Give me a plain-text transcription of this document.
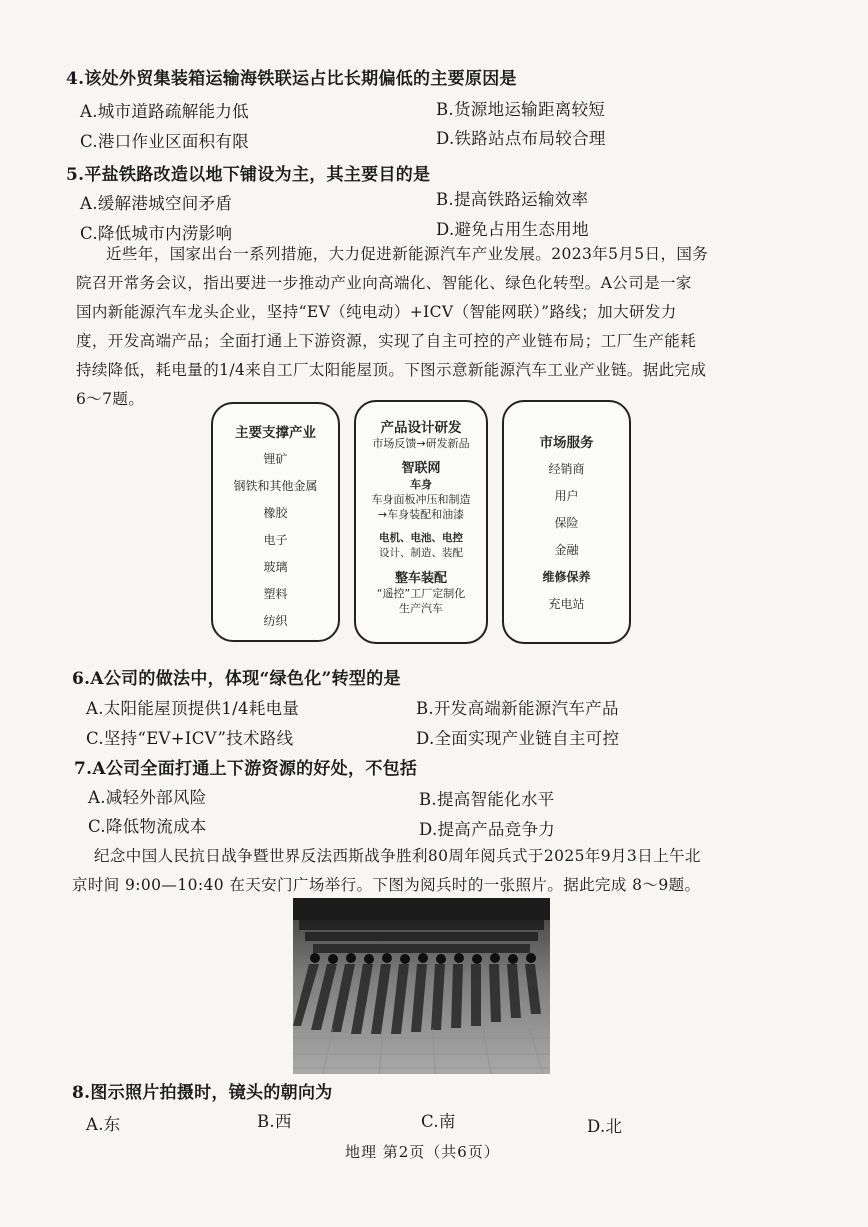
4.该处外贸集装箱运输海铁联运占比长期偏低的主要原因是
A.城市道路疏解能力低	B.货源地运输距离较短
C.港口作业区面积有限	D.铁路站点布局较合理
5.平盐铁路改造以地下铺设为主，其主要目的是
A.缓解港城空间矛盾	B.提高铁路运输效率
C.降低城市内涝影响	D.避免占用生态用地
近些年，国家出台一系列措施，大力促进新能源汽车产业发展。2023年5月5日，国务
院召开常务会议，指出要进一步推动产业向高端化、智能化、绿色化转型。A公司是一家
国内新能源汽车龙头企业，坚持“EV（纯电动）+ICV（智能网联）”路线；加大研发力
度，开发高端产品；全面打通上下游资源，实现了自主可控的产业链布局；工厂生产能耗
持续降低，耗电量的1/4来自工厂太阳能屋顶。下图示意新能源汽车工业产业链。据此完成
6～7题。
主要支撑产业
锂矿
钢铁和其他金属
橡胶
电子
玻璃
塑料
纺织
产品设计研发
市场反馈→研发新品
智联网
车身
车身面板冲压和制造
→车身装配和油漆
电机、电池、电控
设计、制造、装配
整车装配
“遥控”工厂定制化
生产汽车
市场服务
经销商
用户
保险
金融
维修保养
充电站
6.A公司的做法中，体现“绿色化”转型的是
A.太阳能屋顶提供1/4耗电量	B.开发高端新能源汽车产品
C.坚持“EV+ICV”技术路线	D.全面实现产业链自主可控
7.A公司全面打通上下游资源的好处，不包括
A.减轻外部风险	B.提高智能化水平
C.降低物流成本	D.提高产品竞争力
纪念中国人民抗日战争暨世界反法西斯战争胜利80周年阅兵式于2025年9月3日上午北
京时间 9:00—10:40 在天安门广场举行。下图为阅兵时的一张照片。据此完成 8～9题。
8.图示照片拍摄时，镜头的朝向为
A.东	B.西	C.南	D.北
地理 第2页（共6页）
